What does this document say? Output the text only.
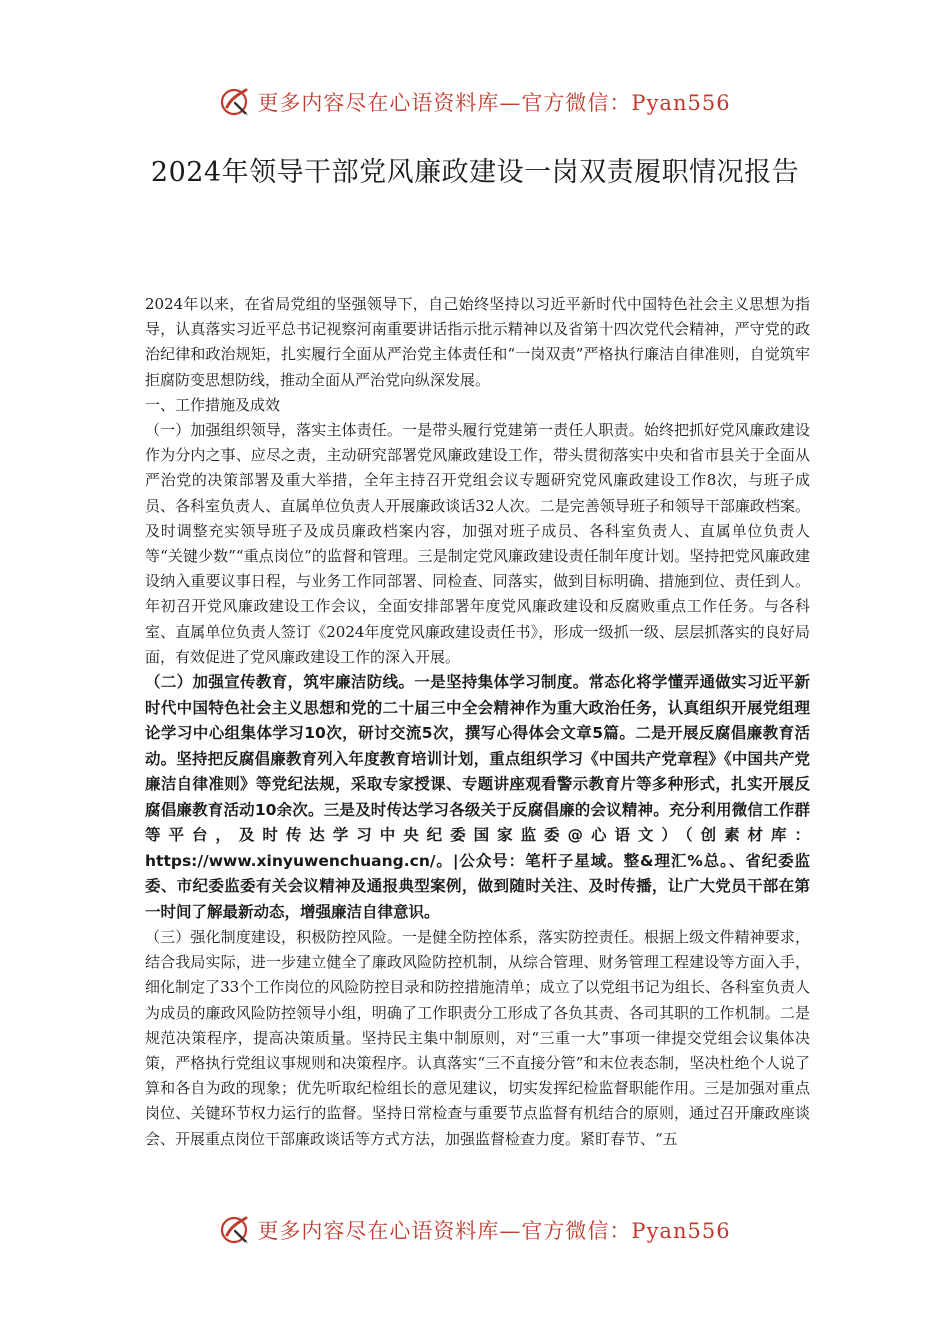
更多内容尽在心语资料库—官方微信：Pyan556
2024年领导干部党风廉政建设一岗双责履职情况报告

2024年以来，在省局党组的坚强领导下，自己始终坚持以习近平新时代中国特色社会主义思想为指导，认真落实习近平总书记视察河南重要讲话指示批示精神以及省第十四次党代会精神，严守党的政治纪律和政治规矩，扎实履行全面从严治党主体责任和“一岗双责”严格执行廉洁自律准则，自觉筑牢拒腐防变思想防线，推动全面从严治党向纵深发展。

一、工作措施及成效

（一）加强组织领导，落实主体责任。一是带头履行党建第一责任人职责。始终把抓好党风廉政建设作为分内之事、应尽之责，主动研究部署党风廉政建设工作，带头贯彻落实中央和省市县关于全面从严治党的决策部署及重大举措，全年主持召开党组会议专题研究党风廉政建设工作8次，与班子成员、各科室负责人、直属单位负责人开展廉政谈话32人次。二是完善领导班子和领导干部廉政档案。及时调整充实领导班子及成员廉政档案内容，加强对班子成员、各科室负责人、直属单位负责人等“关键少数”“重点岗位”的监督和管理。三是制定党风廉政建设责任制年度计划。坚持把党风廉政建设纳入重要议事日程，与业务工作同部署、同检查、同落实，做到目标明确、措施到位、责任到人。年初召开党风廉政建设工作会议，全面安排部署年度党风廉政建设和反腐败重点工作任务。与各科室、直属单位负责人签订《2024年度党风廉政建设责任书》，形成一级抓一级、层层抓落实的良好局面，有效促进了党风廉政建设工作的深入开展。

（二）加强宣传教育，筑牢廉洁防线。一是坚持集体学习制度。常态化将学懂弄通做实习近平新时代中国特色社会主义思想和党的二十届三中全会精神作为重大政治任务，认真组织开展党组理论学习中心组集体学习10次，研讨交流5次，撰写心得体会文章5篇。二是开展反腐倡廉教育活动。坚持把反腐倡廉教育列入年度教育培训计划，重点组织学习《中国共产党章程》《中国共产党廉洁自律准则》等党纪法规，采取专家授课、专题讲座观看警示教育片等多种形式，扎实开展反腐倡廉教育活动10余次。三是及时传达学习各级关于反腐倡廉的会议精神。充分利用微信工作群等平台，及时传达学习中央纪委国家监委@心语文）（创素材库：https://www.xinyuwenchuang.cn/。|公众号：笔杆子星域。整&理汇%总。、省纪委监委、市纪委监委有关会议精神及通报典型案例，做到随时关注、及时传播，让广大党员干部在第一时间了解最新动态，增强廉洁自律意识。

（三）强化制度建设，积极防控风险。一是健全防控体系，落实防控责任。根据上级文件精神要求，结合我局实际，进一步建立健全了廉政风险防控机制，从综合管理、财务管理工程建设等方面入手，细化制定了33个工作岗位的风险防控目录和防控措施清单；成立了以党组书记为组长、各科室负责人为成员的廉政风险防控领导小组，明确了工作职责分工形成了各负其责、各司其职的工作机制。二是规范决策程序，提高决策质量。坚持民主集中制原则，对“三重一大”事项一律提交党组会议集体决策，严格执行党组议事规则和决策程序。认真落实“三不直接分管”和末位表态制，坚决杜绝个人说了算和各自为政的现象；优先听取纪检组长的意见建议，切实发挥纪检监督职能作用。三是加强对重点岗位、关键环节权力运行的监督。坚持日常检查与重要节点监督有机结合的原则，通过召开廉政座谈会、开展重点岗位干部廉政谈话等方式方法，加强监督检查力度。紧盯春节、“五

更多内容尽在心语资料库—官方微信：Pyan556
